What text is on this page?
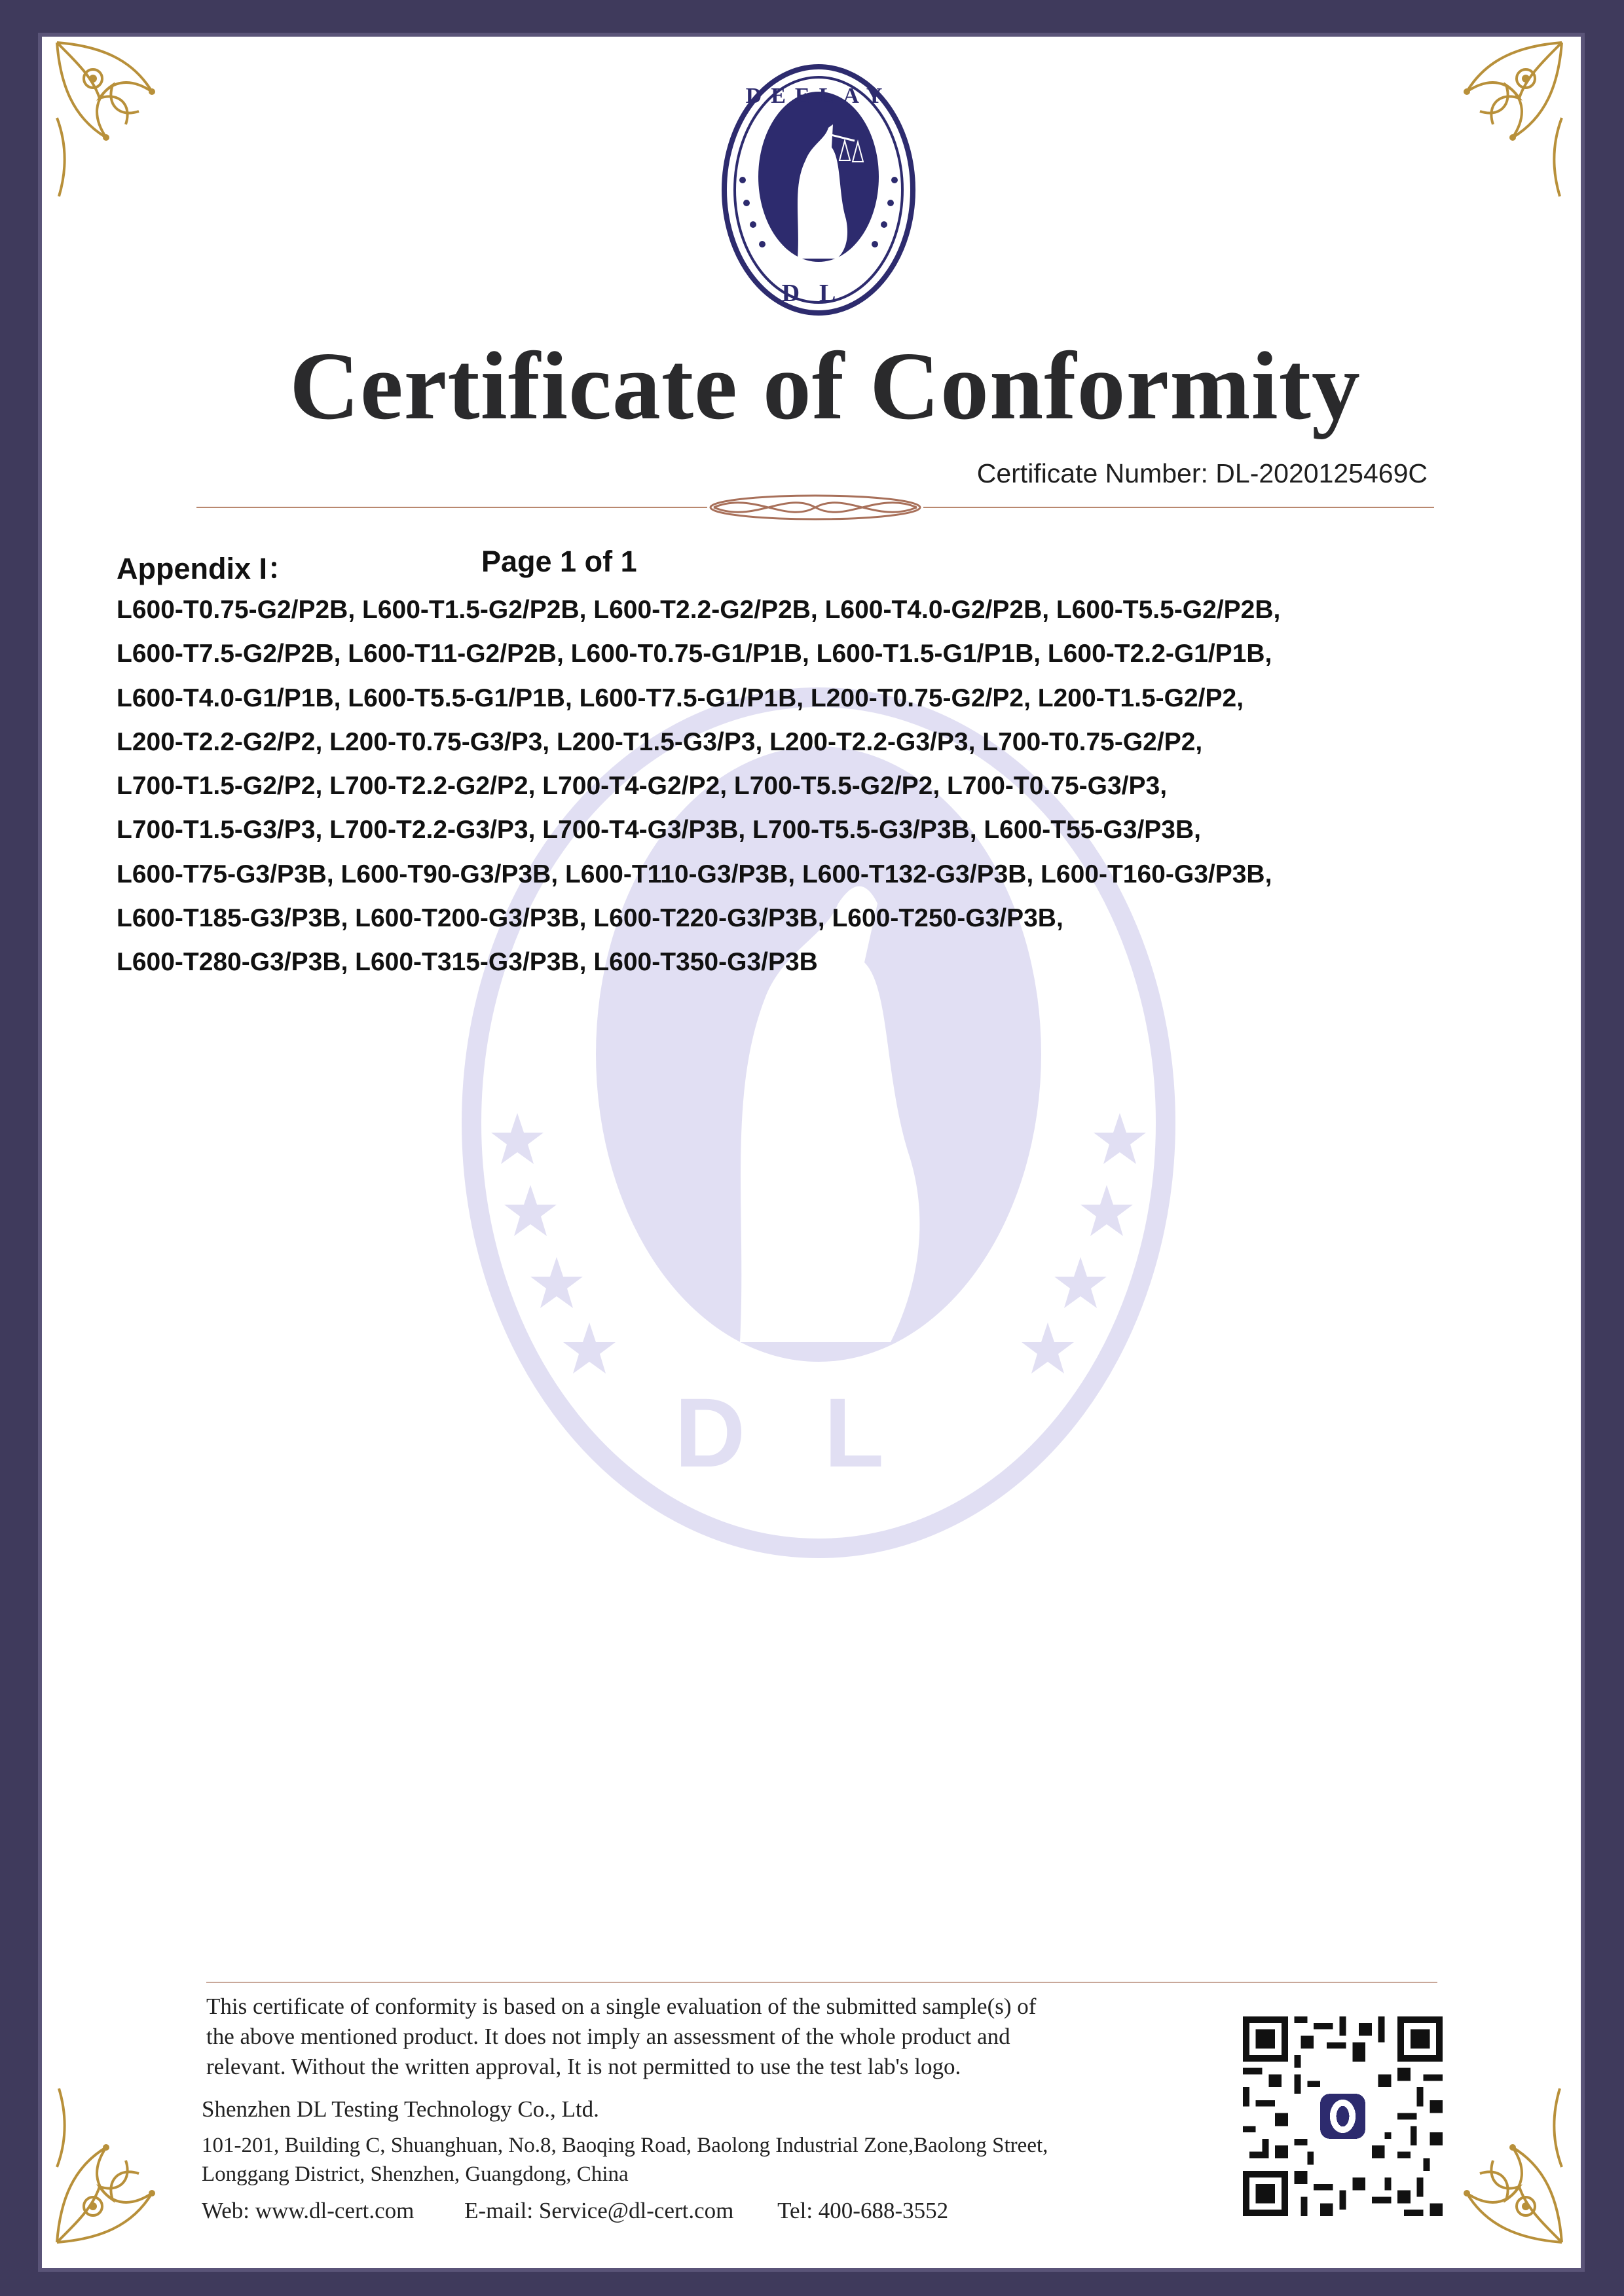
DL
DEELAY
DL
Certificate of Conformity
Certificate Number: DL-2020125469C
Appendix I：	Page 1 of 1
L600-T0.75-G2/P2B, L600-T1.5-G2/P2B, L600-T2.2-G2/P2B, L600-T4.0-G2/P2B, L600-T5.5-G2/P2B,
L600-T7.5-G2/P2B, L600-T11-G2/P2B, L600-T0.75-G1/P1B, L600-T1.5-G1/P1B, L600-T2.2-G1/P1B,
L600-T4.0-G1/P1B, L600-T5.5-G1/P1B, L600-T7.5-G1/P1B, L200-T0.75-G2/P2, L200-T1.5-G2/P2,
L200-T2.2-G2/P2, L200-T0.75-G3/P3, L200-T1.5-G3/P3, L200-T2.2-G3/P3, L700-T0.75-G2/P2,
L700-T1.5-G2/P2, L700-T2.2-G2/P2, L700-T4-G2/P2, L700-T5.5-G2/P2, L700-T0.75-G3/P3,
L700-T1.5-G3/P3, L700-T2.2-G3/P3, L700-T4-G3/P3B, L700-T5.5-G3/P3B, L600-T55-G3/P3B,
L600-T75-G3/P3B, L600-T90-G3/P3B, L600-T110-G3/P3B, L600-T132-G3/P3B, L600-T160-G3/P3B,
L600-T185-G3/P3B, L600-T200-G3/P3B, L600-T220-G3/P3B, L600-T250-G3/P3B,
L600-T280-G3/P3B, L600-T315-G3/P3B, L600-T350-G3/P3B
This certificate of conformity is based on a single evaluation of the submitted sample(s) of
the above mentioned product. It does not imply an assessment of the whole product and
relevant. Without the written approval, It is not permitted to use the test lab's logo.
Shenzhen DL Testing Technology Co., Ltd.
101-201, Building C, Shuanghuan, No.8, Baoqing Road, Baolong Industrial Zone,Baolong Street,
Longgang District, Shenzhen, Guangdong, China
Web: www.dl-cert.com E-mail: Service@dl-cert.com Tel: 400-688-3552
